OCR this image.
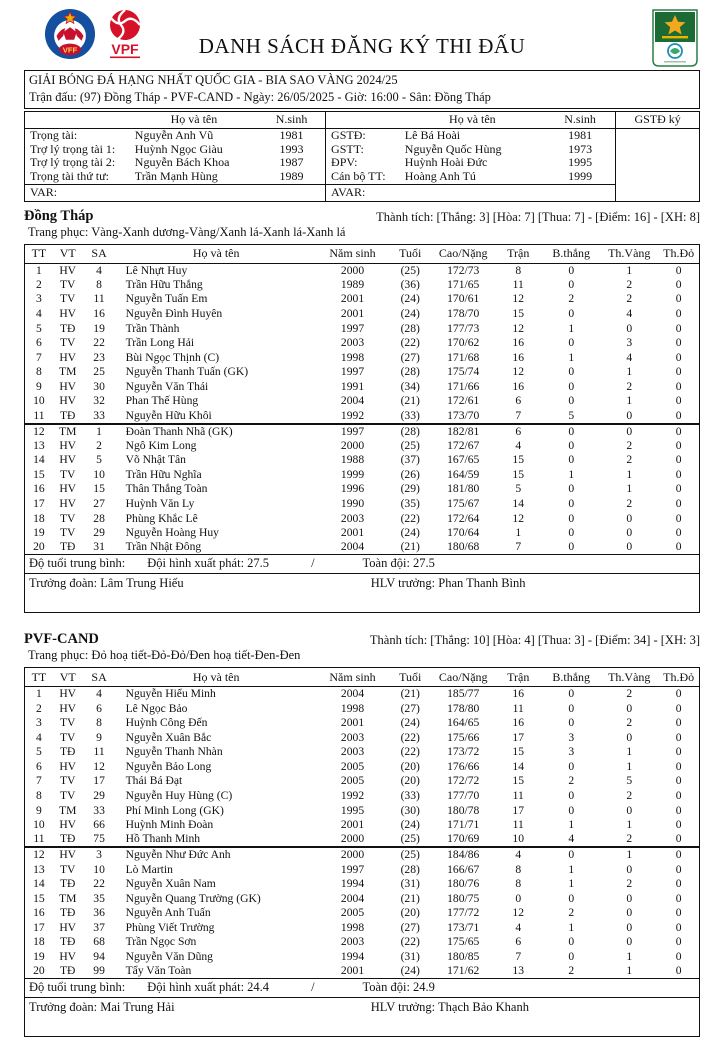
VFF VPF	DANH SÁCH ĐĂNG KÝ THI ĐẤU
GIẢI BÓNG ĐÁ HẠNG NHẤT QUỐC GIA - BIA SAO VÀNG 2024/25
Trận đấu: (97) Đồng Tháp - PVF-CAND - Ngày: 26/05/2025 - Giờ: 16:00 - Sân: Đồng Tháp
	Họ và tên	N.sinh		Họ và tên	N.sinh	GSTĐ ký
Trọng tài:	Nguyễn Anh Vũ	1981	GSTĐ:	Lê Bá Hoài	1981	
Trợ lý trọng tài 1:	Huỳnh Ngọc Giàu	1993	GSTT:	Nguyễn Quốc Hùng	1973	
Trợ lý trọng tài 2:	Nguyễn Bách Khoa	1987	ĐPV:	Huỳnh Hoài Đức	1995	
Trọng tài thứ tư:	Trần Mạnh Hùng	1989	Cán bộ TT:	Hoàng Anh Tú	1999	
VAR:			AVAR:			
Đồng Tháp	Thành tích: [Thắng: 3] [Hòa: 7] [Thua: 7] - [Điểm: 16] - [XH: 8]
Trang phục: Vàng-Xanh dương-Vàng/Xanh lá-Xanh lá-Xanh lá
TT	VT	SA	Họ và tên	Năm sinh	Tuổi	Cao/Nặng	Trận	B.thắng	Th.Vàng	Th.Đỏ
1	HV	4	Lê Nhựt Huy	2000	(25)	172/73	8	0	1	0
2	TV	8	Trần Hữu Thắng	1989	(36)	171/65	11	0	2	0
3	TV	11	Nguyễn Tuấn Em	2001	(24)	170/61	12	2	2	0
4	HV	16	Nguyễn Đình Huyên	2001	(24)	178/70	15	0	4	0
5	TĐ	19	Trần Thành	1997	(28)	177/73	12	1	0	0
6	TV	22	Trần Long Hải	2003	(22)	170/62	16	0	3	0
7	HV	23	Bùi Ngọc Thịnh (C)	1998	(27)	171/68	16	1	4	0
8	TM	25	Nguyễn Thanh Tuấn (GK)	1997	(28)	175/74	12	0	1	0
9	HV	30	Nguyễn Văn Thái	1991	(34)	171/66	16	0	2	0
10	HV	32	Phan Thế Hùng	2004	(21)	172/61	6	0	1	0
11	TĐ	33	Nguyễn Hữu Khôi	1992	(33)	173/70	7	5	0	0
12	TM	1	Đoàn Thanh Nhã (GK)	1997	(28)	182/81	6	0	0	0
13	HV	2	Ngô Kim Long	2000	(25)	172/67	4	0	2	0
14	HV	5	Võ Nhật Tân	1988	(37)	167/65	15	0	2	0
15	TV	10	Trần Hữu Nghĩa	1999	(26)	164/59	15	1	1	0
16	HV	15	Thân Thắng Toàn	1996	(29)	181/80	5	0	1	0
17	HV	27	Huỳnh Văn Ly	1990	(35)	175/67	14	0	2	0
18	TV	28	Phùng Khắc Lê	2003	(22)	172/64	12	0	0	0
19	TV	29	Nguyễn Hoàng Huy	2001	(24)	170/64	1	0	0	0
20	TĐ	31	Trần Nhật Đông	2004	(21)	180/68	7	0	0	0
Độ tuổi trung bình: Đội hình xuất phát: 27.5	/	Toàn đội: 27.5
Trưởng đoàn: Lâm Trung Hiếu	HLV trưởng: Phan Thanh Bình
PVF-CAND	Thành tích: [Thắng: 10] [Hòa: 4] [Thua: 3] - [Điểm: 34] - [XH: 3]
Trang phục: Đỏ hoạ tiết-Đỏ-Đỏ/Đen hoạ tiết-Đen-Đen
TT	VT	SA	Họ và tên	Năm sinh	Tuổi	Cao/Nặng	Trận	B.thắng	Th.Vàng	Th.Đỏ
1	HV	4	Nguyễn Hiểu Minh	2004	(21)	185/77	16	0	2	0
2	HV	6	Lê Ngọc Bảo	1998	(27)	178/80	11	0	0	0
3	TV	8	Huỳnh Công Đến	2001	(24)	164/65	16	0	2	0
4	TV	9	Nguyễn Xuân Bắc	2003	(22)	175/66	17	3	0	0
5	TĐ	11	Nguyễn Thanh Nhàn	2003	(22)	173/72	15	3	1	0
6	HV	12	Nguyễn Bảo Long	2005	(20)	176/66	14	0	1	0
7	TV	17	Thái Bá Đạt	2005	(20)	172/72	15	2	5	0
8	TV	29	Nguyễn Huy Hùng (C)	1992	(33)	177/70	11	0	2	0
9	TM	33	Phí Minh Long (GK)	1995	(30)	180/78	17	0	0	0
10	HV	66	Huỳnh Minh Đoàn	2001	(24)	171/71	11	1	1	0
11	TĐ	75	Hồ Thanh Minh	2000	(25)	170/69	10	4	2	0
12	HV	3	Nguyễn Như Đức Anh	2000	(25)	184/86	4	0	1	0
13	TV	10	Lò Martin	1997	(28)	166/67	8	1	0	0
14	TĐ	22	Nguyễn Xuân Nam	1994	(31)	180/76	8	1	2	0
15	TM	35	Nguyễn Quang Trường (GK)	2004	(21)	180/75	0	0	0	0
16	TĐ	36	Nguyễn Anh Tuấn	2005	(20)	177/72	12	2	0	0
17	HV	37	Phùng Viết Trường	1998	(27)	173/71	4	1	0	0
18	TĐ	68	Trần Ngọc Sơn	2003	(22)	175/65	6	0	0	0
19	HV	94	Nguyễn Văn Dũng	1994	(31)	180/85	7	0	1	0
20	TĐ	99	Tẩy Văn Toàn	2001	(24)	171/62	13	2	1	0
Độ tuổi trung bình: Đội hình xuất phát: 24.4	/	Toàn đội: 24.9
Trưởng đoàn: Mai Trung Hải	HLV trưởng: Thạch Bảo Khanh
